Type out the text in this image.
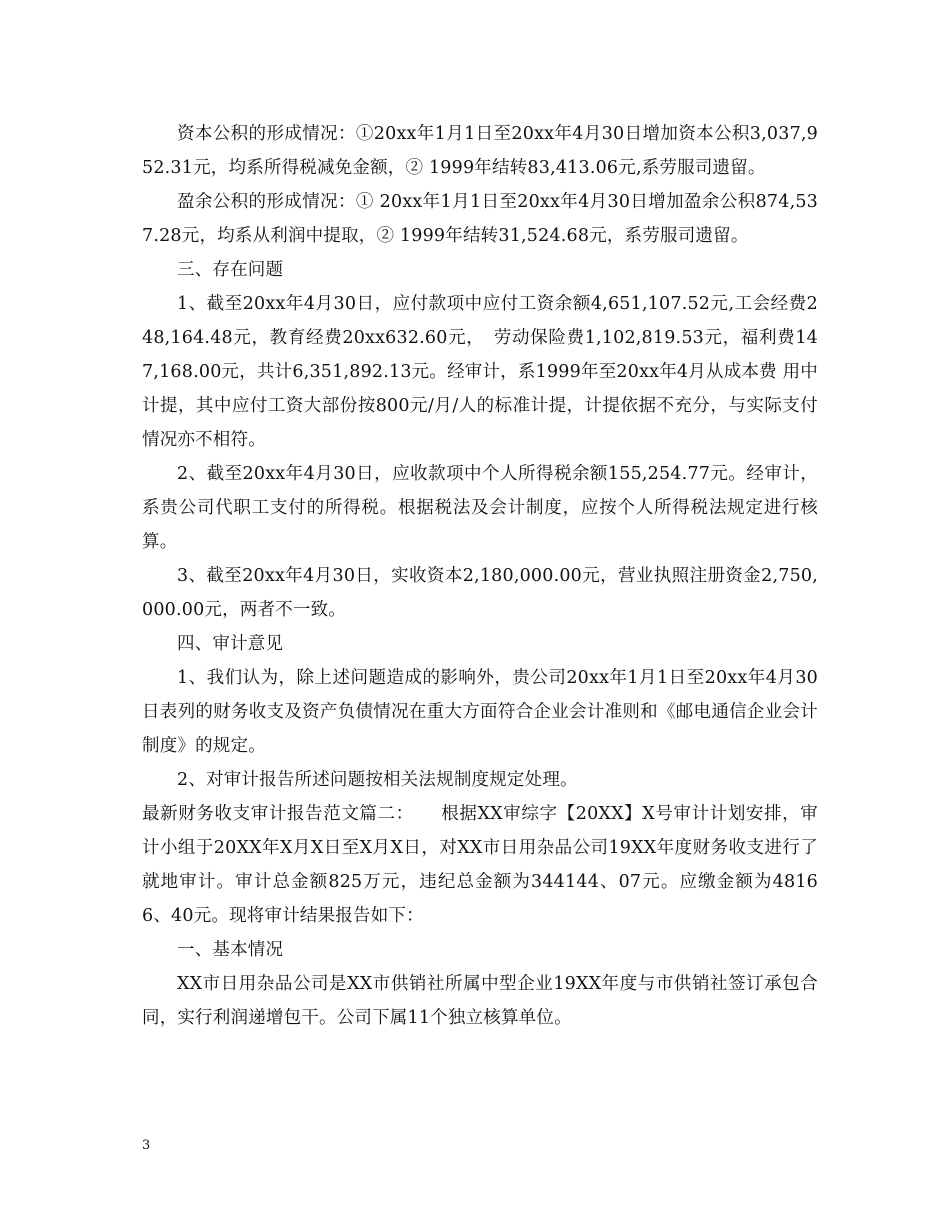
资本公积的形成情况：①20xx年1月1日至20xx年4月30日增加资本公积3,037,952.31元，均系所得税减免金额，② 1999年结转83,413.06元,系劳服司遗留。

盈余公积的形成情况：① 20xx年1月1日至20xx年4月30日增加盈余公积874,537.28元，均系从利润中提取，② 1999年结转31,524.68元，系劳服司遗留。

三、存在问题

1、截至20xx年4月30日，应付款项中应付工资余额4,651,107.52元,工会经费248,164.48元，教育经费20xx632.60元，　劳动保险费1,102,819.53元，福利费147,168.00元，共计6,351,892.13元。经审计，系1999年至20xx年4月从成本费 用中计提，其中应付工资大部份按800元/月/人的标准计提，计提依据不充分，与实际支付情况亦不相符。

2、截至20xx年4月30日，应收款项中个人所得税余额155,254.77元。经审计，系贵公司代职工支付的所得税。根据税法及会计制度，应按个人所得税法规定进行核算。

3、截至20xx年4月30日，实收资本2,180,000.00元，营业执照注册资金2,750,000.00元，两者不一致。

四、审计意见

1、我们认为，除上述问题造成的影响外，贵公司20xx年1月1日至20xx年4月30日表列的财务收支及资产负债情况在重大方面符合企业会计准则和《邮电通信企业会计制度》的规定。

2、对审计报告所述问题按相关法规制度规定处理。

最新财务收支审计报告范文篇二：　　根据XX审综字【20XX】X号审计计划安排，审计小组于20XX年X月X日至X月X日，对XX市日用杂品公司19XX年度财务收支进行了就地审计。审计总金额825万元，违纪总金额为344144、07元。应缴金额为48166、40元。现将审计结果报告如下：

一、基本情况

XX市日用杂品公司是XX市供销社所属中型企业19XX年度与市供销社签订承包合同，实行利润递增包干。公司下属11个独立核算单位。

3
